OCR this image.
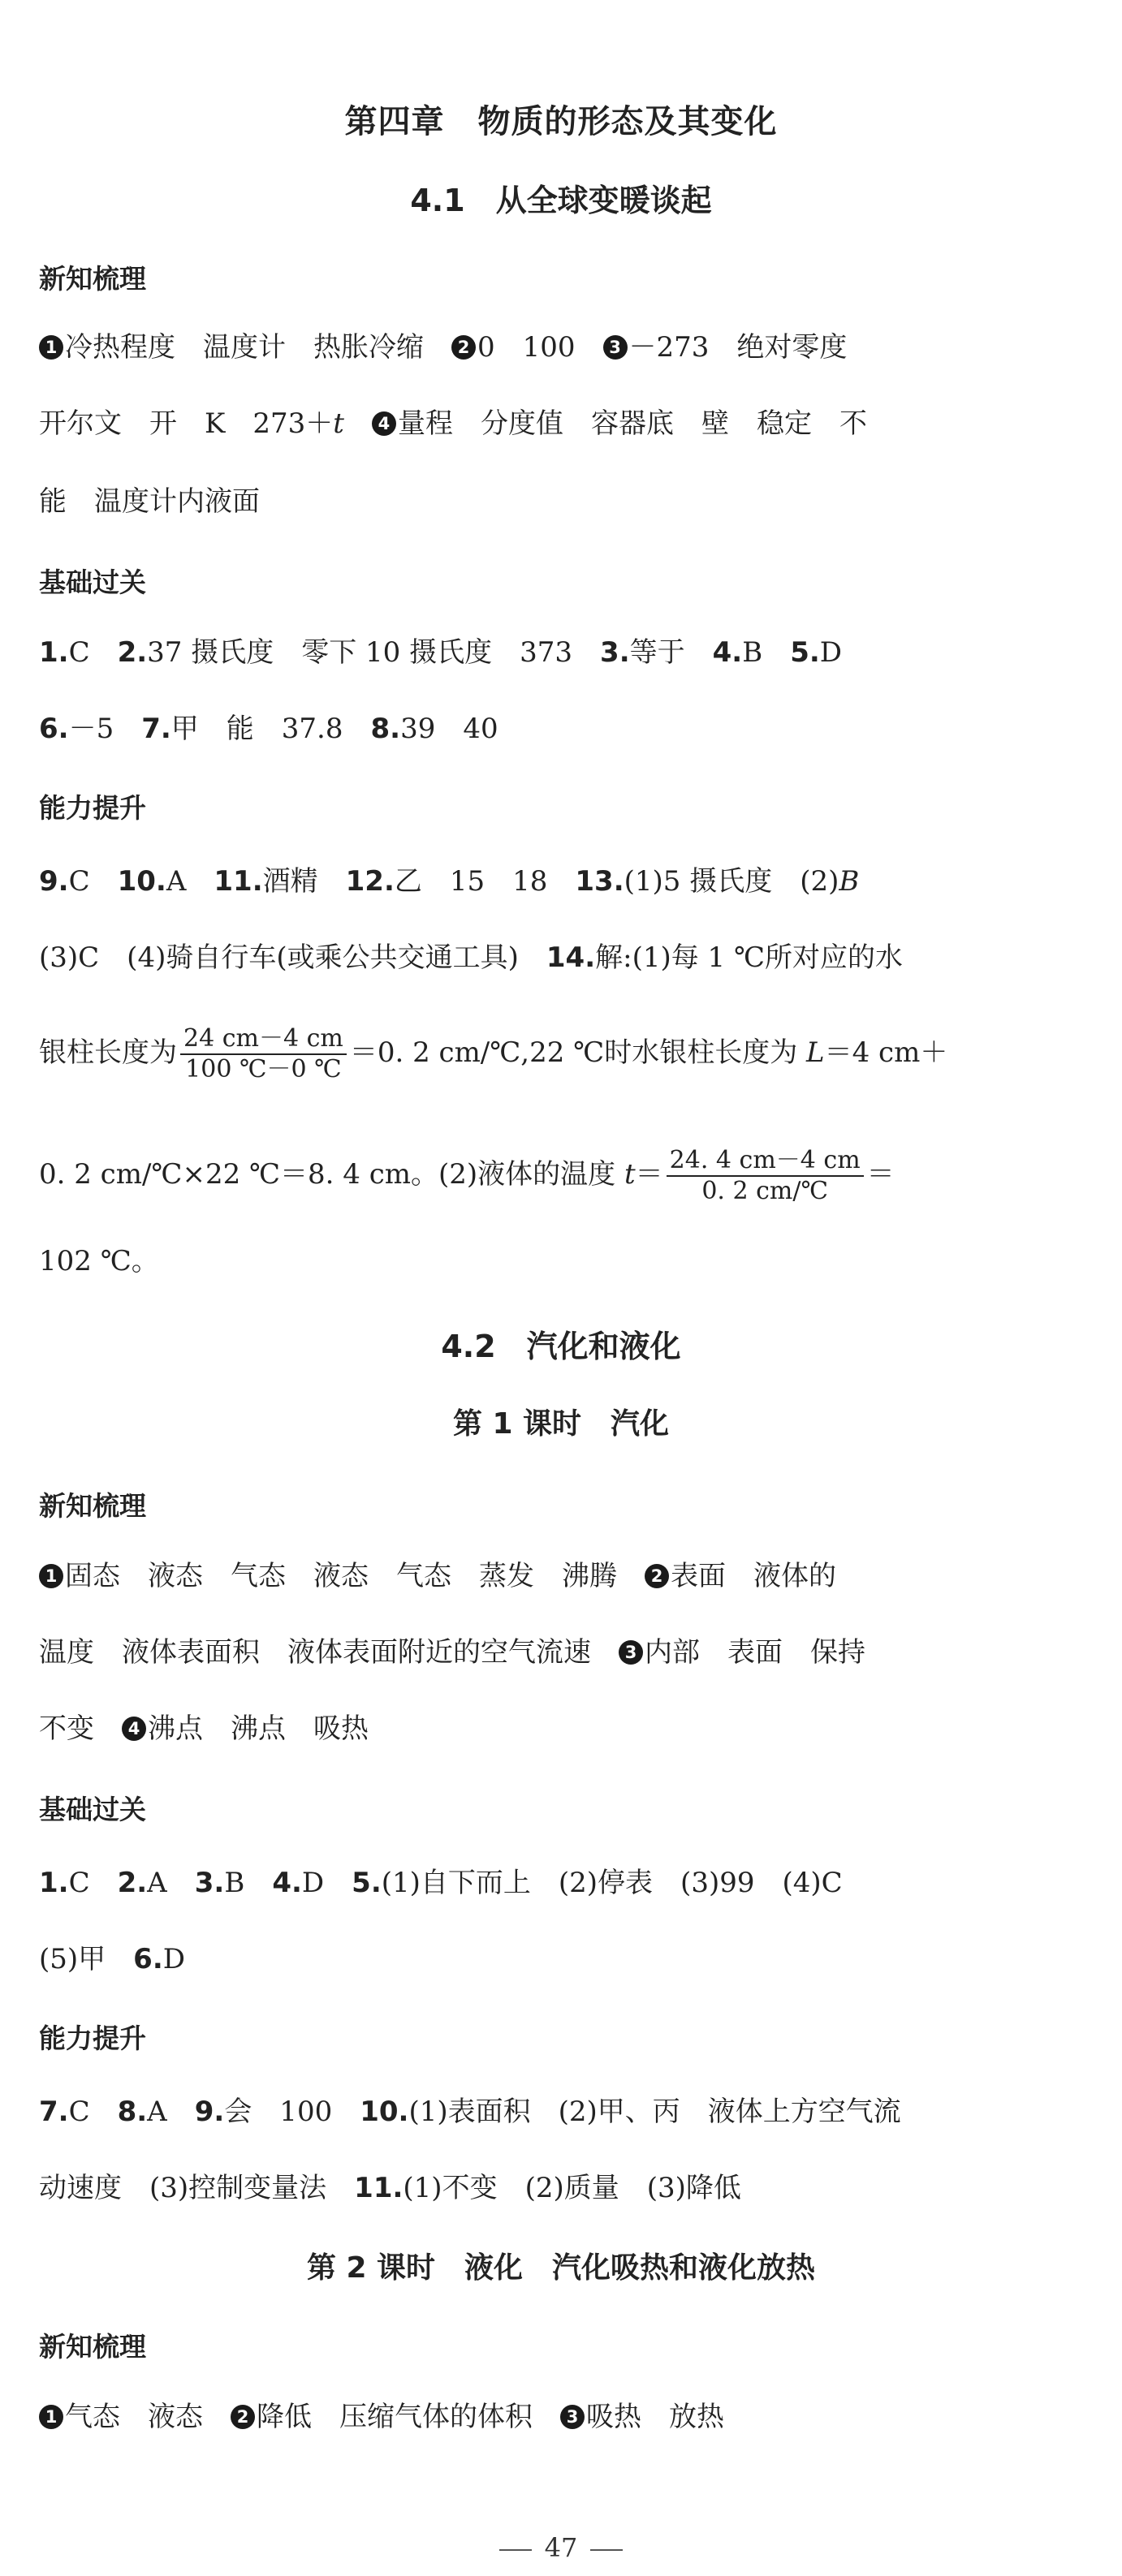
第四章　物质的形态及其变化
4.1　从全球变暖谈起
新知梳理
1 冷热程度　温度计　热胀冷缩　 2 0　100　 3 －273　绝对零度
开尔文　开　K　273＋t　 4 量程　分度值　容器底　壁　稳定　不
能　温度计内液面
基础过关
1.C　 2.37 摄氏度　零下 10 摄氏度　373　 3.等于　 4.B　 5.D
6.－5　 7.甲　能　37.8　 8.39　40
能力提升
9.C　 10.A　 11.酒精　 12.乙　15　18　 13.(1)5 摄氏度　(2)B
(3)C　(4)骑自行车(或乘公共交通工具)　 14.解:(1)每 1 ℃所对应的水
银柱长度为 $\frac{24 cm-4 cm}{100 ℃-0 ℃} =0$. 2 cm/℃,22 ℃时水银柱长度为 L＝4 cm＋
0. 2 cm/℃×22 ℃＝8. 4 cm。(2)液体的温度 $t= \frac{24. 4 cm-4 cm}{0. 2 cm/℃}$ ＝
102 ℃。
4.2　汽化和液化
第 1 课时　汽化
新知梳理
1 固态　液态　气态　液态　气态　蒸发　沸腾　 2 表面　液体的
温度　液体表面积　液体表面附近的空气流速　 3 内部　表面　保持
不变　 4 沸点　沸点　吸热
基础过关
1.C　 2.A　 3.B　 4.D　 5.(1)自下而上　(2)停表　(3)99　(4)C
(5)甲　 6.D
能力提升
7.C　 8.A　 9.会　100　 10.(1)表面积　(2)甲、丙　液体上方空气流
动速度　(3)控制变量法　 11.(1)不变　(2)质量　(3)降低
第 2 课时　液化　汽化吸热和液化放热
新知梳理
1 气态　液态　 2 降低　压缩气体的体积　 3 吸热　放热
47
